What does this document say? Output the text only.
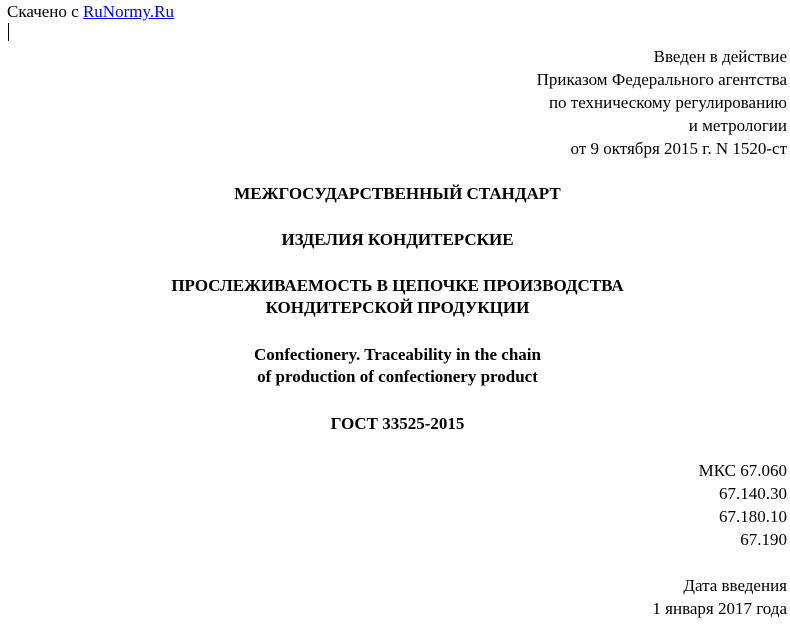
Скачено с RuNormy.Ru
Введен в действие
Приказом Федерального агентства
по техническому регулированию
и метрологии
от 9 октября 2015 г. N 1520-ст
МЕЖГОСУДАРСТВЕННЫЙ СТАНДАРТ
ИЗДЕЛИЯ КОНДИТЕРСКИЕ
ПРОСЛЕЖИВАЕМОСТЬ В ЦЕПОЧКЕ ПРОИЗВОДСТВА
КОНДИТЕРСКОЙ ПРОДУКЦИИ
Confectionery. Traceability in the chain
of production of confectionery product
ГОСТ 33525-2015
МКС 67.060
67.140.30
67.180.10
67.190
Дата введения
1 января 2017 года
